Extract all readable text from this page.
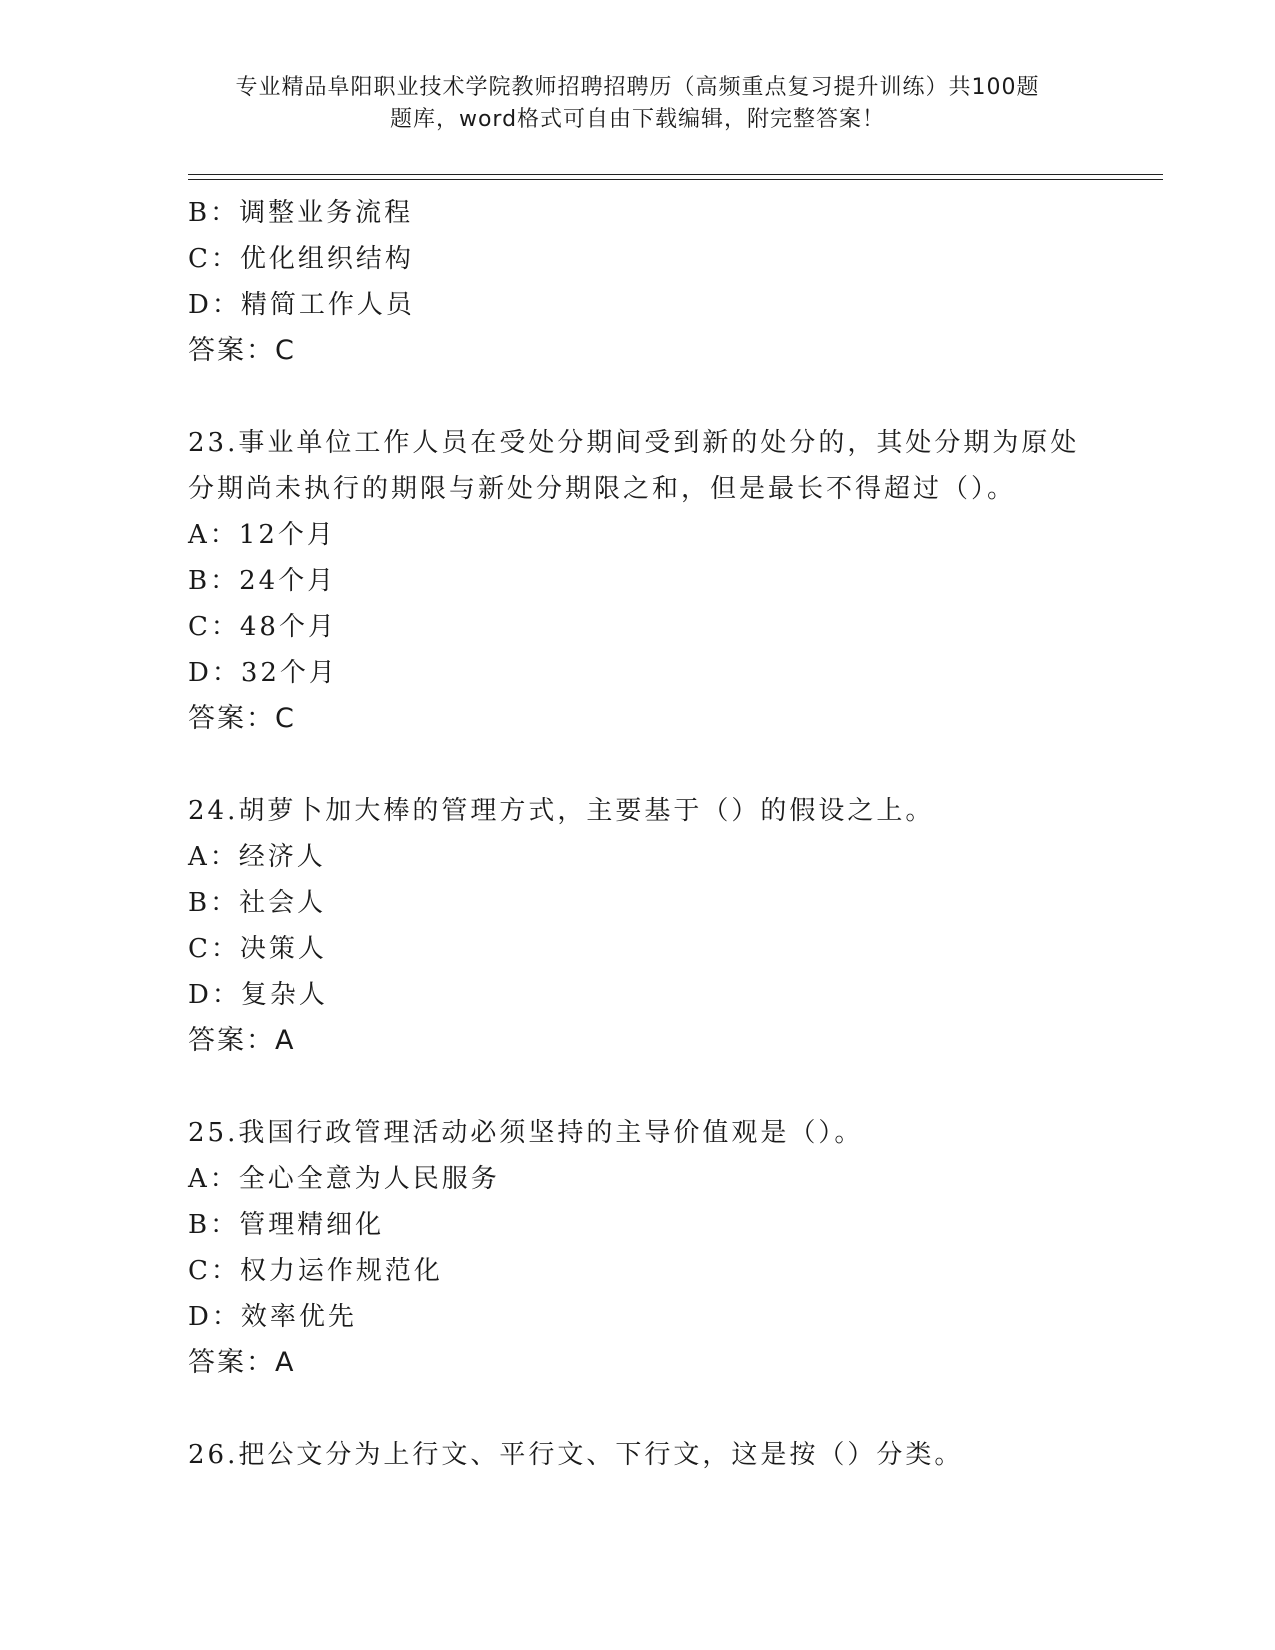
专业精品阜阳职业技术学院教师招聘招聘历（高频重点复习提升训练）共100题
题库，word格式可自由下载编辑，附完整答案！
B：调整业务流程
C：优化组织结构
D：精简工作人员
答案：C
23.事业单位工作人员在受处分期间受到新的处分的，其处分期为原处
分期尚未执行的期限与新处分期限之和，但是最长不得超过（）。
A：12个月
B：24个月
C：48个月
D：32个月
答案：C
24.胡萝卜加大棒的管理方式，主要基于（）的假设之上。
A：经济人
B：社会人
C：决策人
D：复杂人
答案：A
25.我国行政管理活动必须坚持的主导价值观是（）。
A：全心全意为人民服务
B：管理精细化
C：权力运作规范化
D：效率优先
答案：A
26.把公文分为上行文、平行文、下行文，这是按（）分类。
